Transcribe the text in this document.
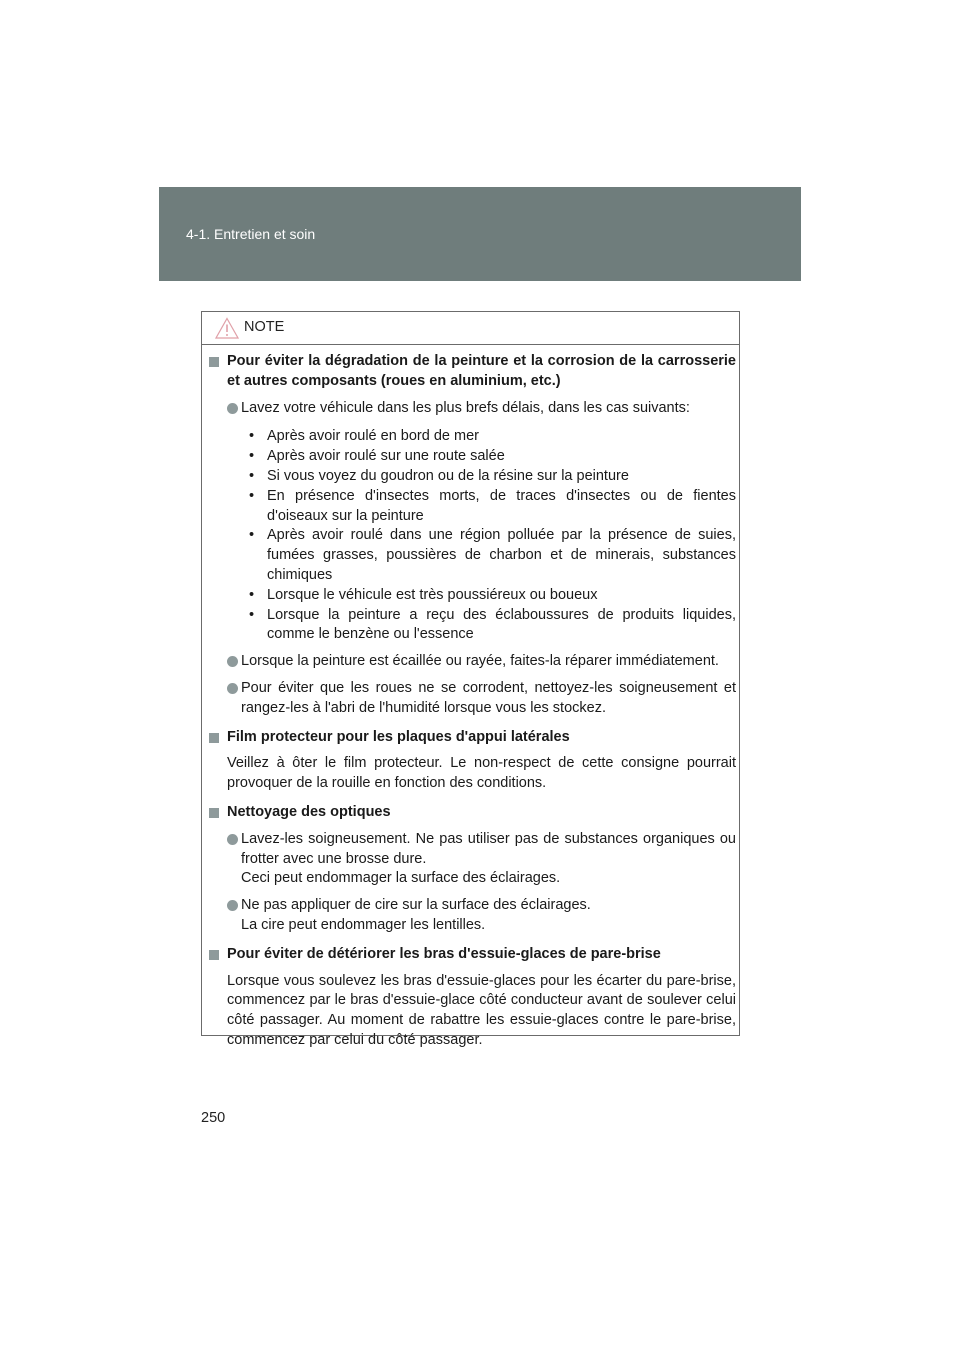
4-1. Entretien et soin
NOTE
Pour éviter la dégradation de la peinture et la corrosion de la carrosserie et autres composants (roues en aluminium, etc.)
Lavez votre véhicule dans les plus brefs délais, dans les cas suivants:
• Après avoir roulé en bord de mer
• Après avoir roulé sur une route salée
• Si vous voyez du goudron ou de la résine sur la peinture
• En présence d'insectes morts, de traces d'insectes ou de fientes d'oiseaux sur la peinture
• Après avoir roulé dans une région polluée par la présence de suies, fumées grasses, poussières de charbon et de minerais, substances chimiques
• Lorsque le véhicule est très poussiéreux ou boueux
• Lorsque la peinture a reçu des éclaboussures de produits liquides, comme le benzène ou l'essence
Lorsque la peinture est écaillée ou rayée, faites-la réparer immédiatement.
Pour éviter que les roues ne se corrodent, nettoyez-les soigneusement et rangez-les à l'abri de l'humidité lorsque vous les stockez.
Film protecteur pour les plaques d'appui latérales
Veillez à ôter le film protecteur. Le non-respect de cette consigne pourrait provoquer de la rouille en fonction des conditions.
Nettoyage des optiques
Lavez-les soigneusement. Ne pas utiliser pas de substances organiques ou frotter avec une brosse dure.
Ceci peut endommager la surface des éclairages.
Ne pas appliquer de cire sur la surface des éclairages.
La cire peut endommager les lentilles.
Pour éviter de détériorer les bras d'essuie-glaces de pare-brise
Lorsque vous soulevez les bras d'essuie-glaces pour les écarter du pare-brise, commencez par le bras d'essuie-glace côté conducteur avant de soulever celui côté passager. Au moment de rabattre les essuie-glaces contre le pare-brise, commencez par celui du côté passager.
250
